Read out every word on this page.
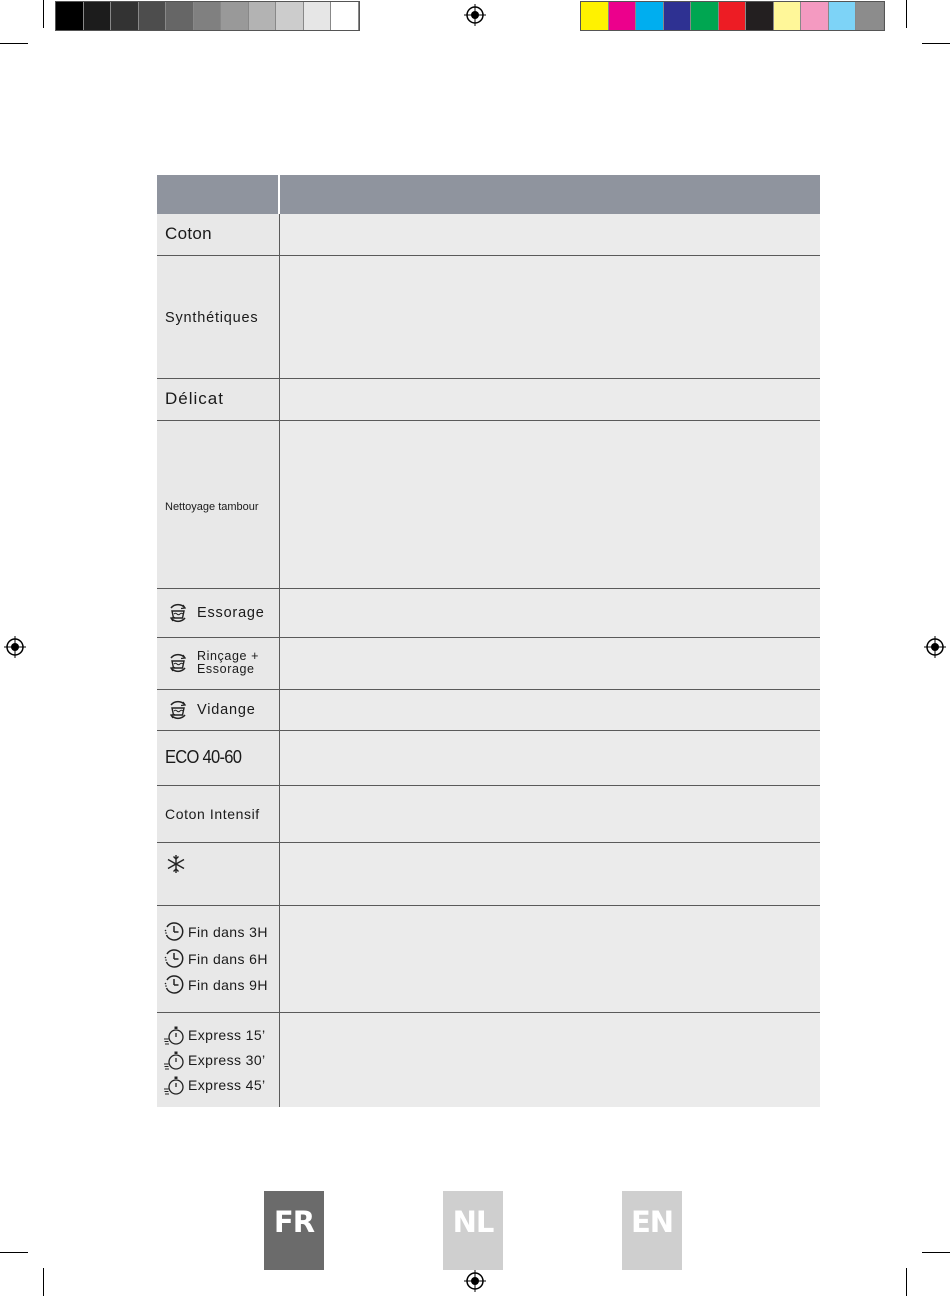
Coton	
Synthétiques	
Délicat	
Nettoyage tambour	

Essorage	

Rinçage +
Essorage	

Vidange	

ECO 40-60	
Coton Intensif	

Fin dans 3H
Fin dans 6H
Fin dans 9H	

Express 15’
Express 30’
Express 45’	

FR	NL	EN
